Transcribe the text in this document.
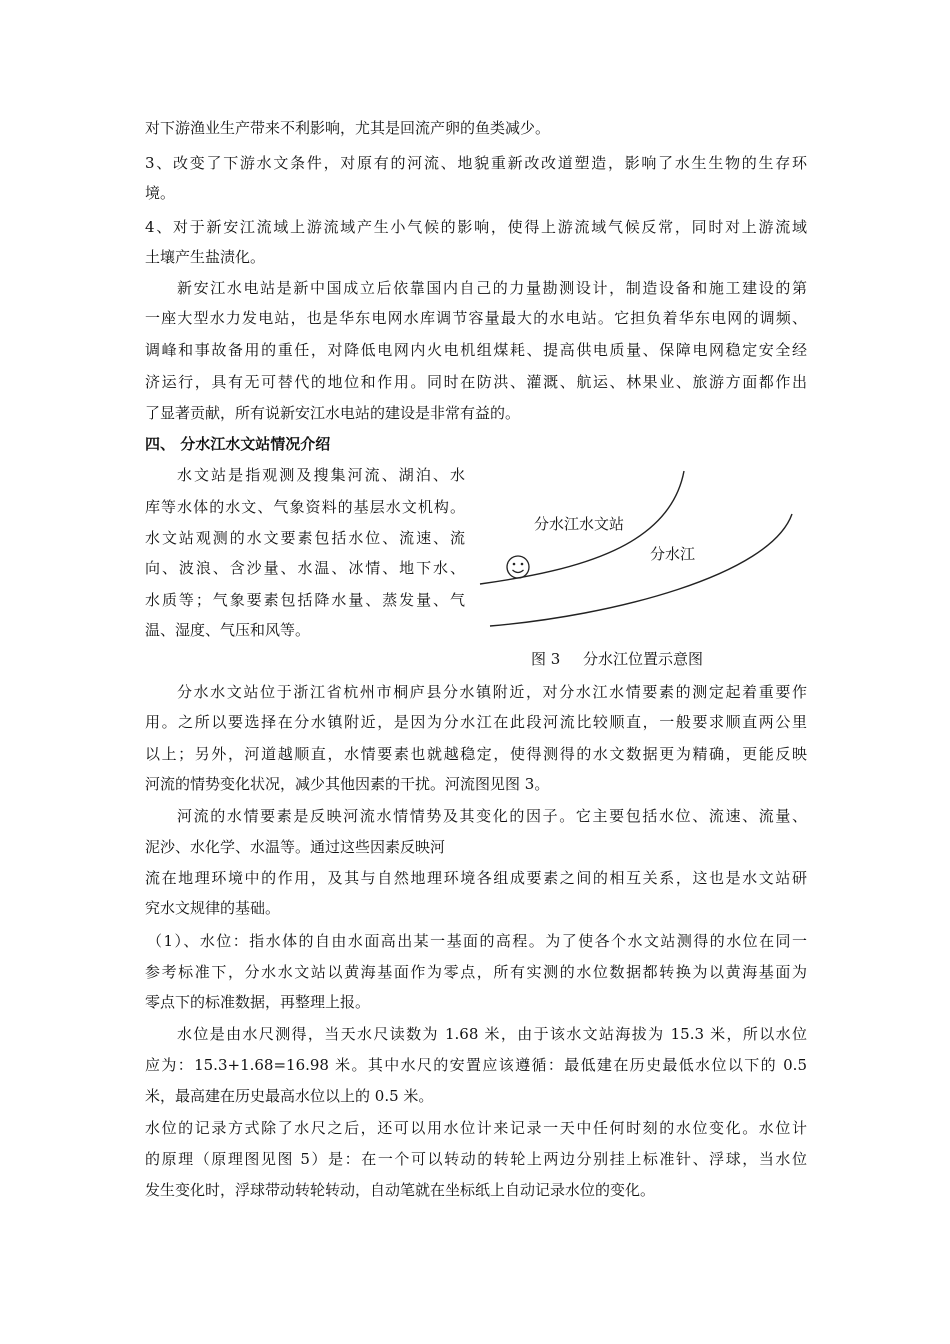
对下游渔业生产带来不利影响，尤其是回流产卵的鱼类减少。
3、改变了下游水文条件，对原有的河流、地貌重新改改道塑造，影响了水生生物的生存环
境。
4、对于新安江流域上游流域产生小气候的影响，使得上游流域气候反常，同时对上游流域
土壤产生盐渍化。
新安江水电站是新中国成立后依靠国内自己的力量勘测设计，制造设备和施工建设的第
一座大型水力发电站，也是华东电网水库调节容量最大的水电站。它担负着华东电网的调频、
调峰和事故备用的重任，对降低电网内火电机组煤耗、提高供电质量、保障电网稳定安全经
济运行，具有无可替代的地位和作用。同时在防洪、灌溉、航运、林果业、旅游方面都作出
了显著贡献，所有说新安江水电站的建设是非常有益的。
四、 分水江水文站情况介绍
水文站是指观测及搜集河流、湖泊、水
库等水体的水文、气象资料的基层水文机构。
水文站观测的水文要素包括水位、流速、流
向、波浪、含沙量、水温、冰情、地下水、
水质等；气象要素包括降水量、蒸发量、气
温、湿度、气压和风等。
分水江水文站
分水江
图 3 分水江位置示意图
分水水文站位于浙江省杭州市桐庐县分水镇附近，对分水江水情要素的测定起着重要作
用。之所以要选择在分水镇附近，是因为分水江在此段河流比较顺直，一般要求顺直两公里
以上；另外，河道越顺直，水情要素也就越稳定，使得测得的水文数据更为精确，更能反映
河流的情势变化状况，减少其他因素的干扰。河流图见图 3。
河流的水情要素是反映河流水情情势及其变化的因子。它主要包括水位、流速、流量、
泥沙、水化学、水温等。通过这些因素反映河
流在地理环境中的作用，及其与自然地理环境各组成要素之间的相互关系，这也是水文站研
究水文规律的基础。
（1）、水位：指水体的自由水面高出某一基面的高程。为了使各个水文站测得的水位在同一
参考标准下，分水水文站以黄海基面作为零点，所有实测的水位数据都转换为以黄海基面为
零点下的标准数据，再整理上报。
水位是由水尺测得，当天水尺读数为 1.68 米，由于该水文站海拔为 15.3 米，所以水位
应为：15.3+1.68=16.98 米。其中水尺的安置应该遵循：最低建在历史最低水位以下的 0.5
米，最高建在历史最高水位以上的 0.5 米。
水位的记录方式除了水尺之后，还可以用水位计来记录一天中任何时刻的水位变化。水位计
的原理（原理图见图 5）是：在一个可以转动的转轮上两边分别挂上标准针、浮球，当水位
发生变化时，浮球带动转轮转动，自动笔就在坐标纸上自动记录水位的变化。
